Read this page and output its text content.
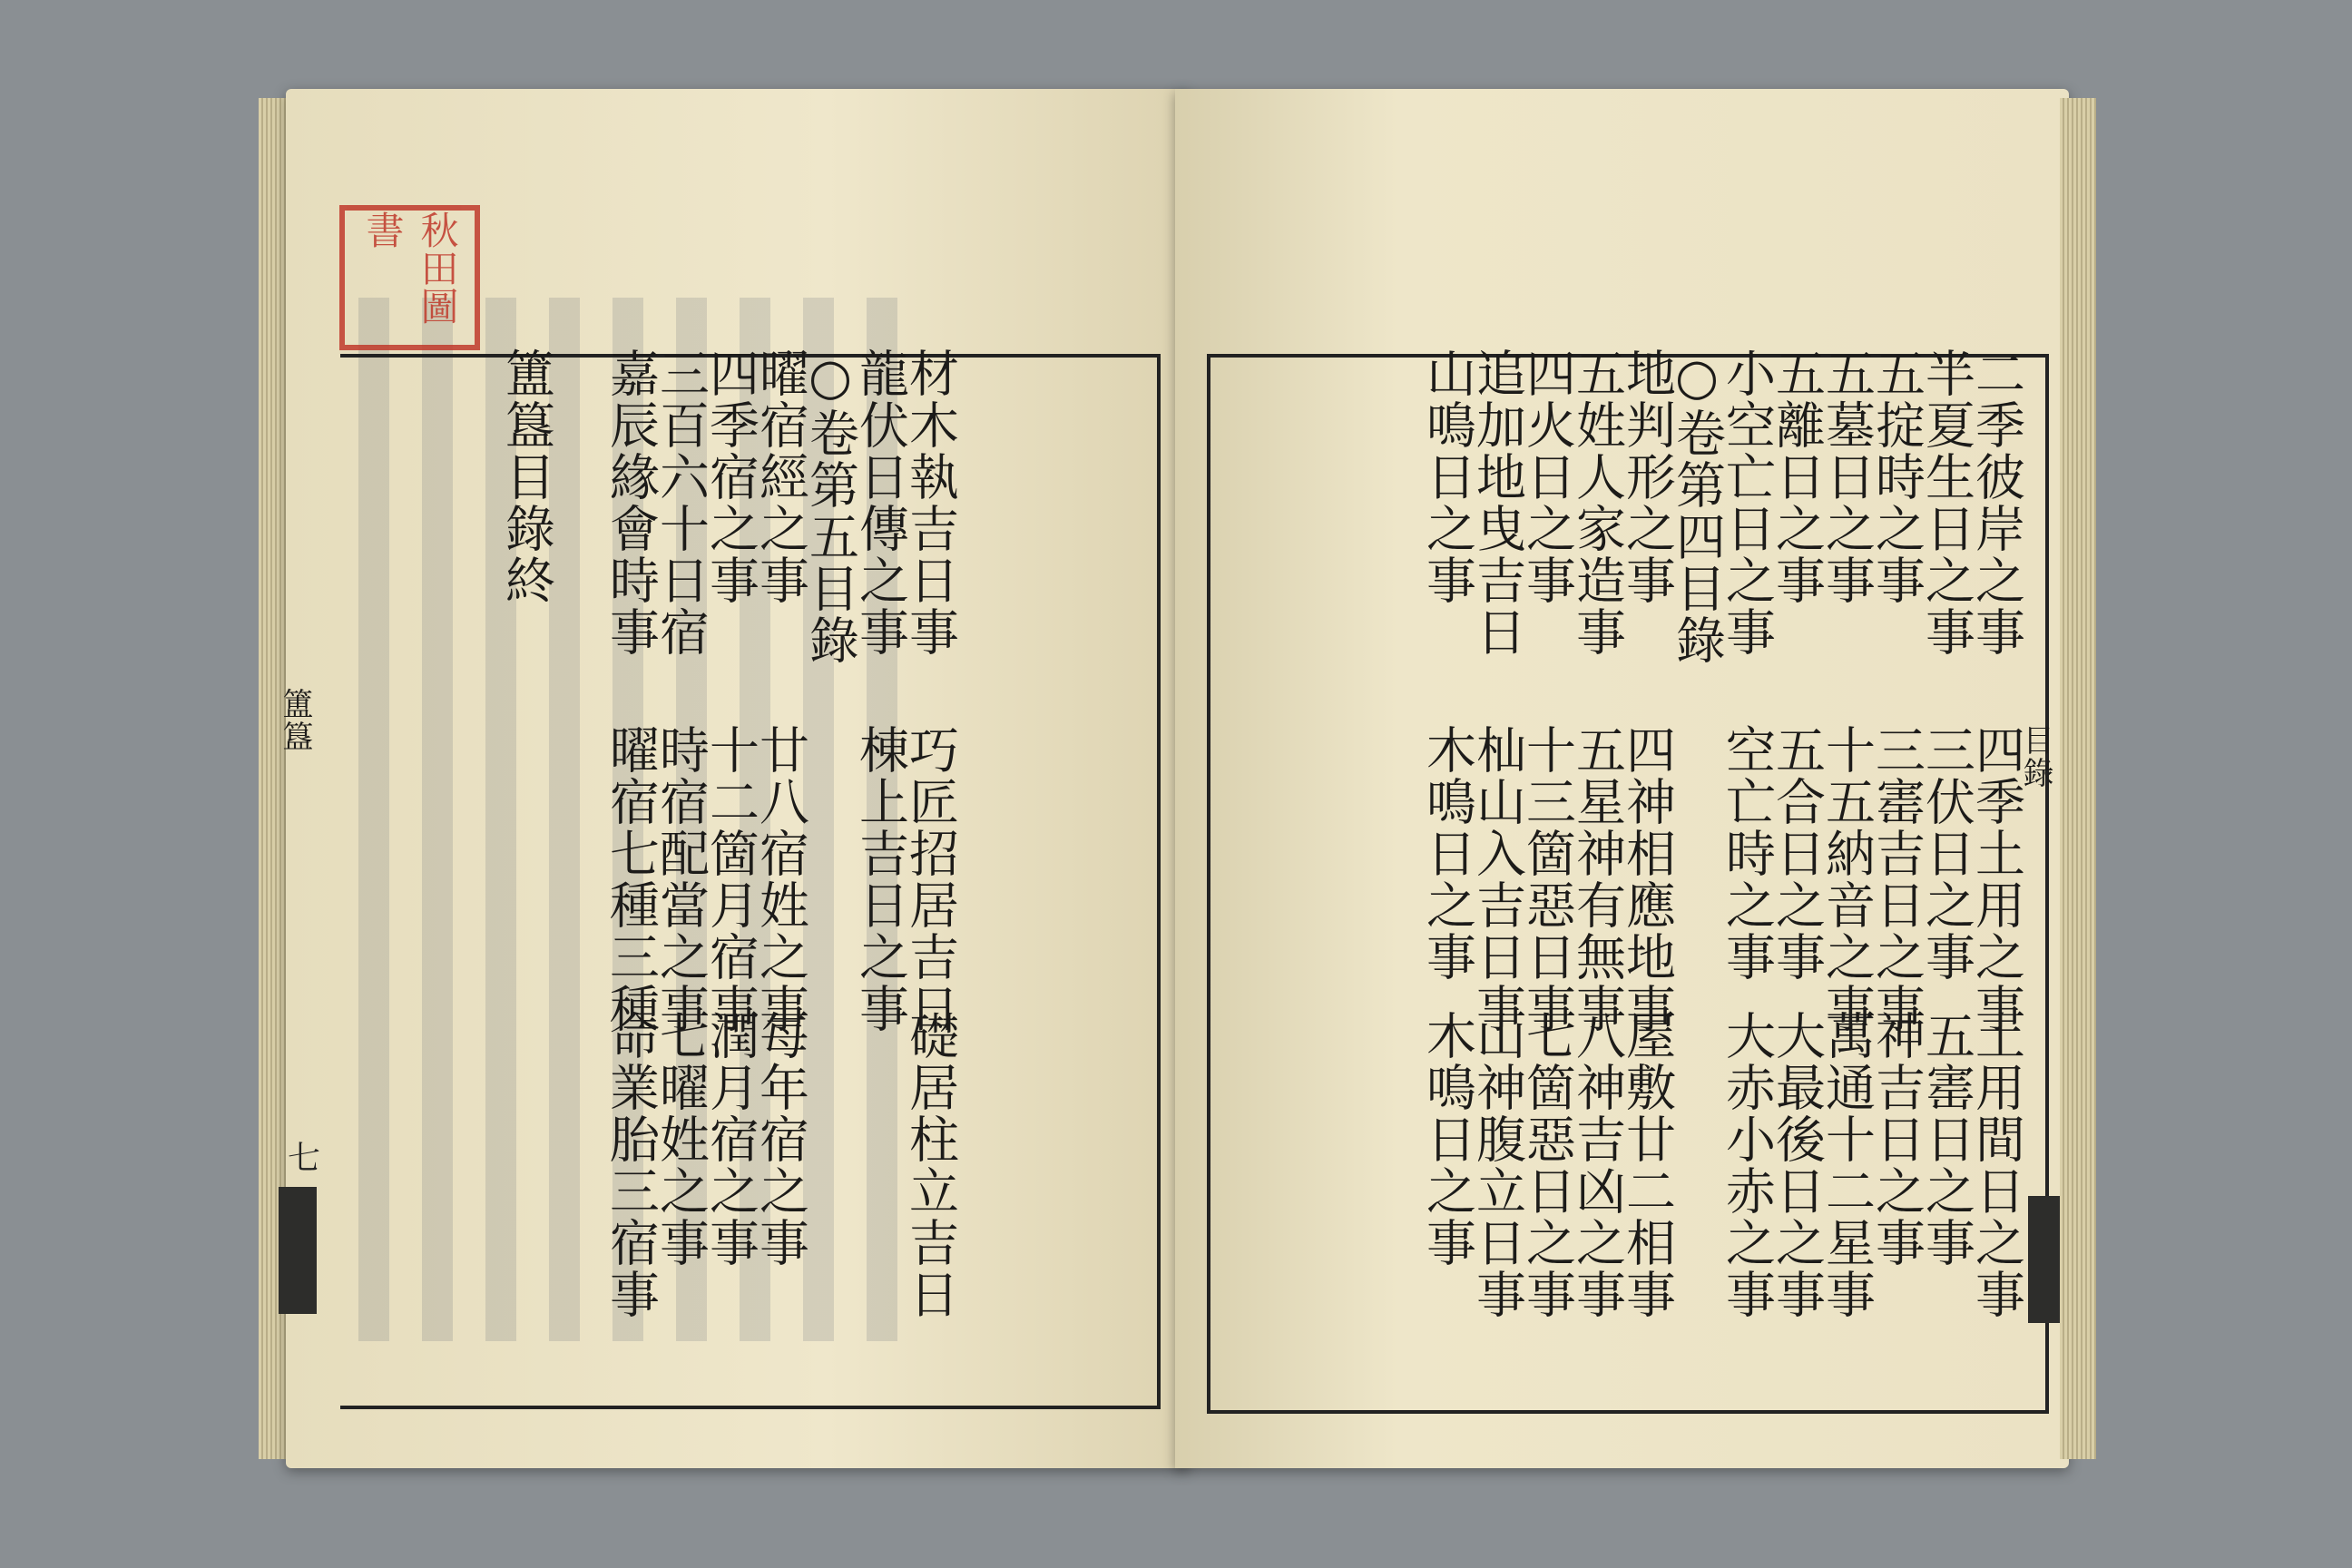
秋田圖書
材木執吉日事
巧匠招居吉日
礎居柱立吉日
龍伏日傳之事
棟上吉日之事
○卷第五目錄
曜宿經之事
廿八宿姓之事
每年宿之事
四季宿之事
十二箇月宿事
潤月宿之事
三百六十日宿
時宿配當之事
七曜姓之事
嘉辰緣會時事
曜宿七種三種
命業胎三宿事
簠簋目錄終
簠簋
七
二季彼岸之事
四季土用之事
土用間日之事
半夏生日之事
三伏日之事
五寚日之事
五掟時之事
三寚吉日之事
神吉日之事
五墓日之事
十五納音之事
萬通十二星事
五離日之事
五合日之事
大最後日之事
小空亡日之事
空亡時之事
大赤小赤之事
○卷第四目錄
地判形之事
四神相應地事
屋敷廿二相事
五姓人家造事
五星神有無事
八神吉凶之事
四火日之事
十三箇惡日事
七箇惡日之事
追加地曳吉日
杣山入吉日事
山神腹立日事
山鳴日之事
木鳴日之事
木鳴日之事
目錄
